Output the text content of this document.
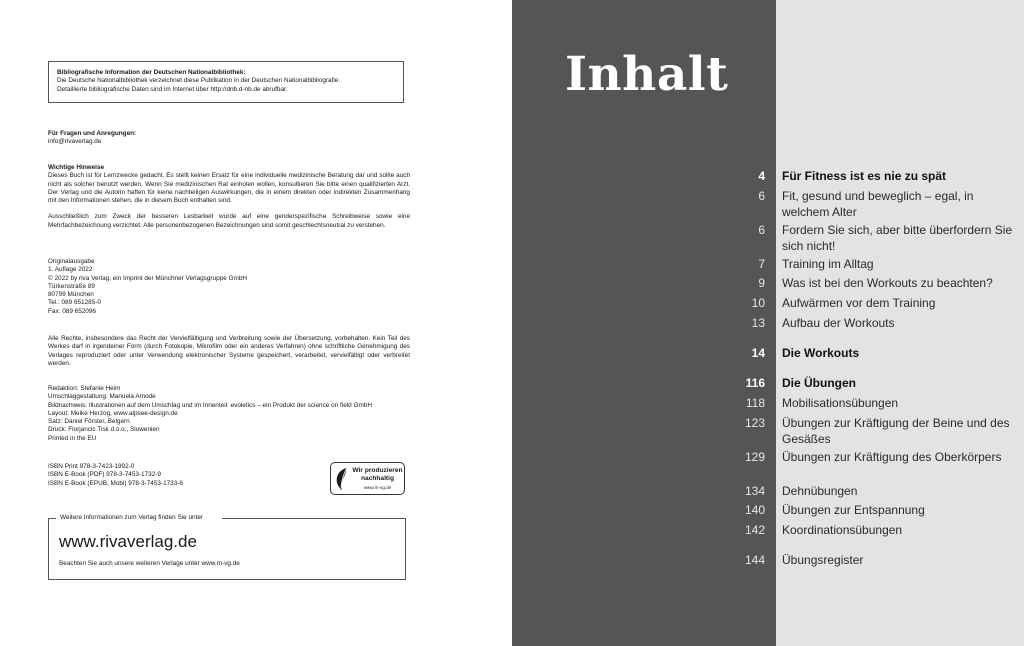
Bibliografische Information der Deutschen Nationalbibliothek:
Die Deutsche Nationalbibliothek verzeichnet diese Publikation in der Deutschen Nationalbibliografie.
Detaillierte bibliografische Daten sind im Internet über http://dnb.d-nb.de abrufbar.
Für Fragen und Anregungen:
info@rivaverlag.de
Wichtige Hinweise

Dieses Buch ist für Lernzwecke gedacht. Es stellt keinen Ersatz für eine individuelle medizinische Beratung dar und sollte auch nicht als solcher benutzt werden. Wenn Sie medizinischen Rat einholen wollen, konsultieren Sie bitte einen qualifizierten Arzt. Der Verlag und die Autorin haften für keine nachteiligen Auswirkungen, die in einem direkten oder indirekten Zusammenhang mit den Informationen stehen, die in diesem Buch enthalten sind.

Ausschließlich zum Zweck der besseren Lesbarkeit wurde auf eine genderspezifische Schreibweise sowie eine Mehrfachbezeichnung verzichtet. Alle personenbezogenen Bezeichnungen sind somit geschlechtsneutral zu verstehen.

Originalausgabe
1. Auflage 2022
© 2022 by riva Verlag, ein Imprint der Münchner Verlagsgruppe GmbH
Türkenstraße 89
80799 München
Tel.: 089 651285-0
Fax: 089 652096

Alle Rechte, insbesondere das Recht der Vervielfältigung und Verbreitung sowie der Übersetzung, vorbehalten. Kein Teil des Werkes darf in irgendeiner Form (durch Fotokopie, Mikrofilm oder ein anderes Verfahren) ohne schriftliche Genehmigung des Verlages reproduziert oder unter Verwendung elektronischer Systeme gespeichert, verarbeitet, vervielfältigt oder verbreitet werden.

Redaktion: Stefanie Heim
Umschlaggestaltung: Manuela Amode
Bildnachweis: Illustrationen auf dem Umschlag und im Innenteil: evoletics – ein Produkt der science on field GmbH
Layout: Meike Herzog, www.alpsee-design.de
Satz: Daniel Förster, Belgern
Druck: Florjancic Tisk d.o.o., Slowenien
Printed in the EU
ISBN Print 978-3-7423-1992-0
ISBN E-Book (PDF) 978-3-7453-1732-9
ISBN E-Book (EPUB, Mobi) 978-3-7453-1733-6
Wir produzieren
nachhaltig
www.m-vg.de
Weitere Informationen zum Verlag finden Sie unter
www.rivaverlag.de
Beachten Sie auch unsere weiteren Verlage unter www.m-vg.de
Inhalt
4 Für Fitness ist es nie zu spät
6 Fit, gesund und beweglich – egal, in welchem Alter
6 Fordern Sie sich, aber bitte überfordern Sie sich nicht!
7 Training im Alltag
9 Was ist bei den Workouts zu beachten?
10 Aufwärmen vor dem Training
13 Aufbau der Workouts
14 Die Workouts
116 Die Übungen
118 Mobilisationsübungen
123 Übungen zur Kräftigung der Beine und des Gesäßes
129 Übungen zur Kräftigung des Oberkörpers
134 Dehnübungen
140 Übungen zur Entspannung
142 Koordinationsübungen
144 Übungsregister
